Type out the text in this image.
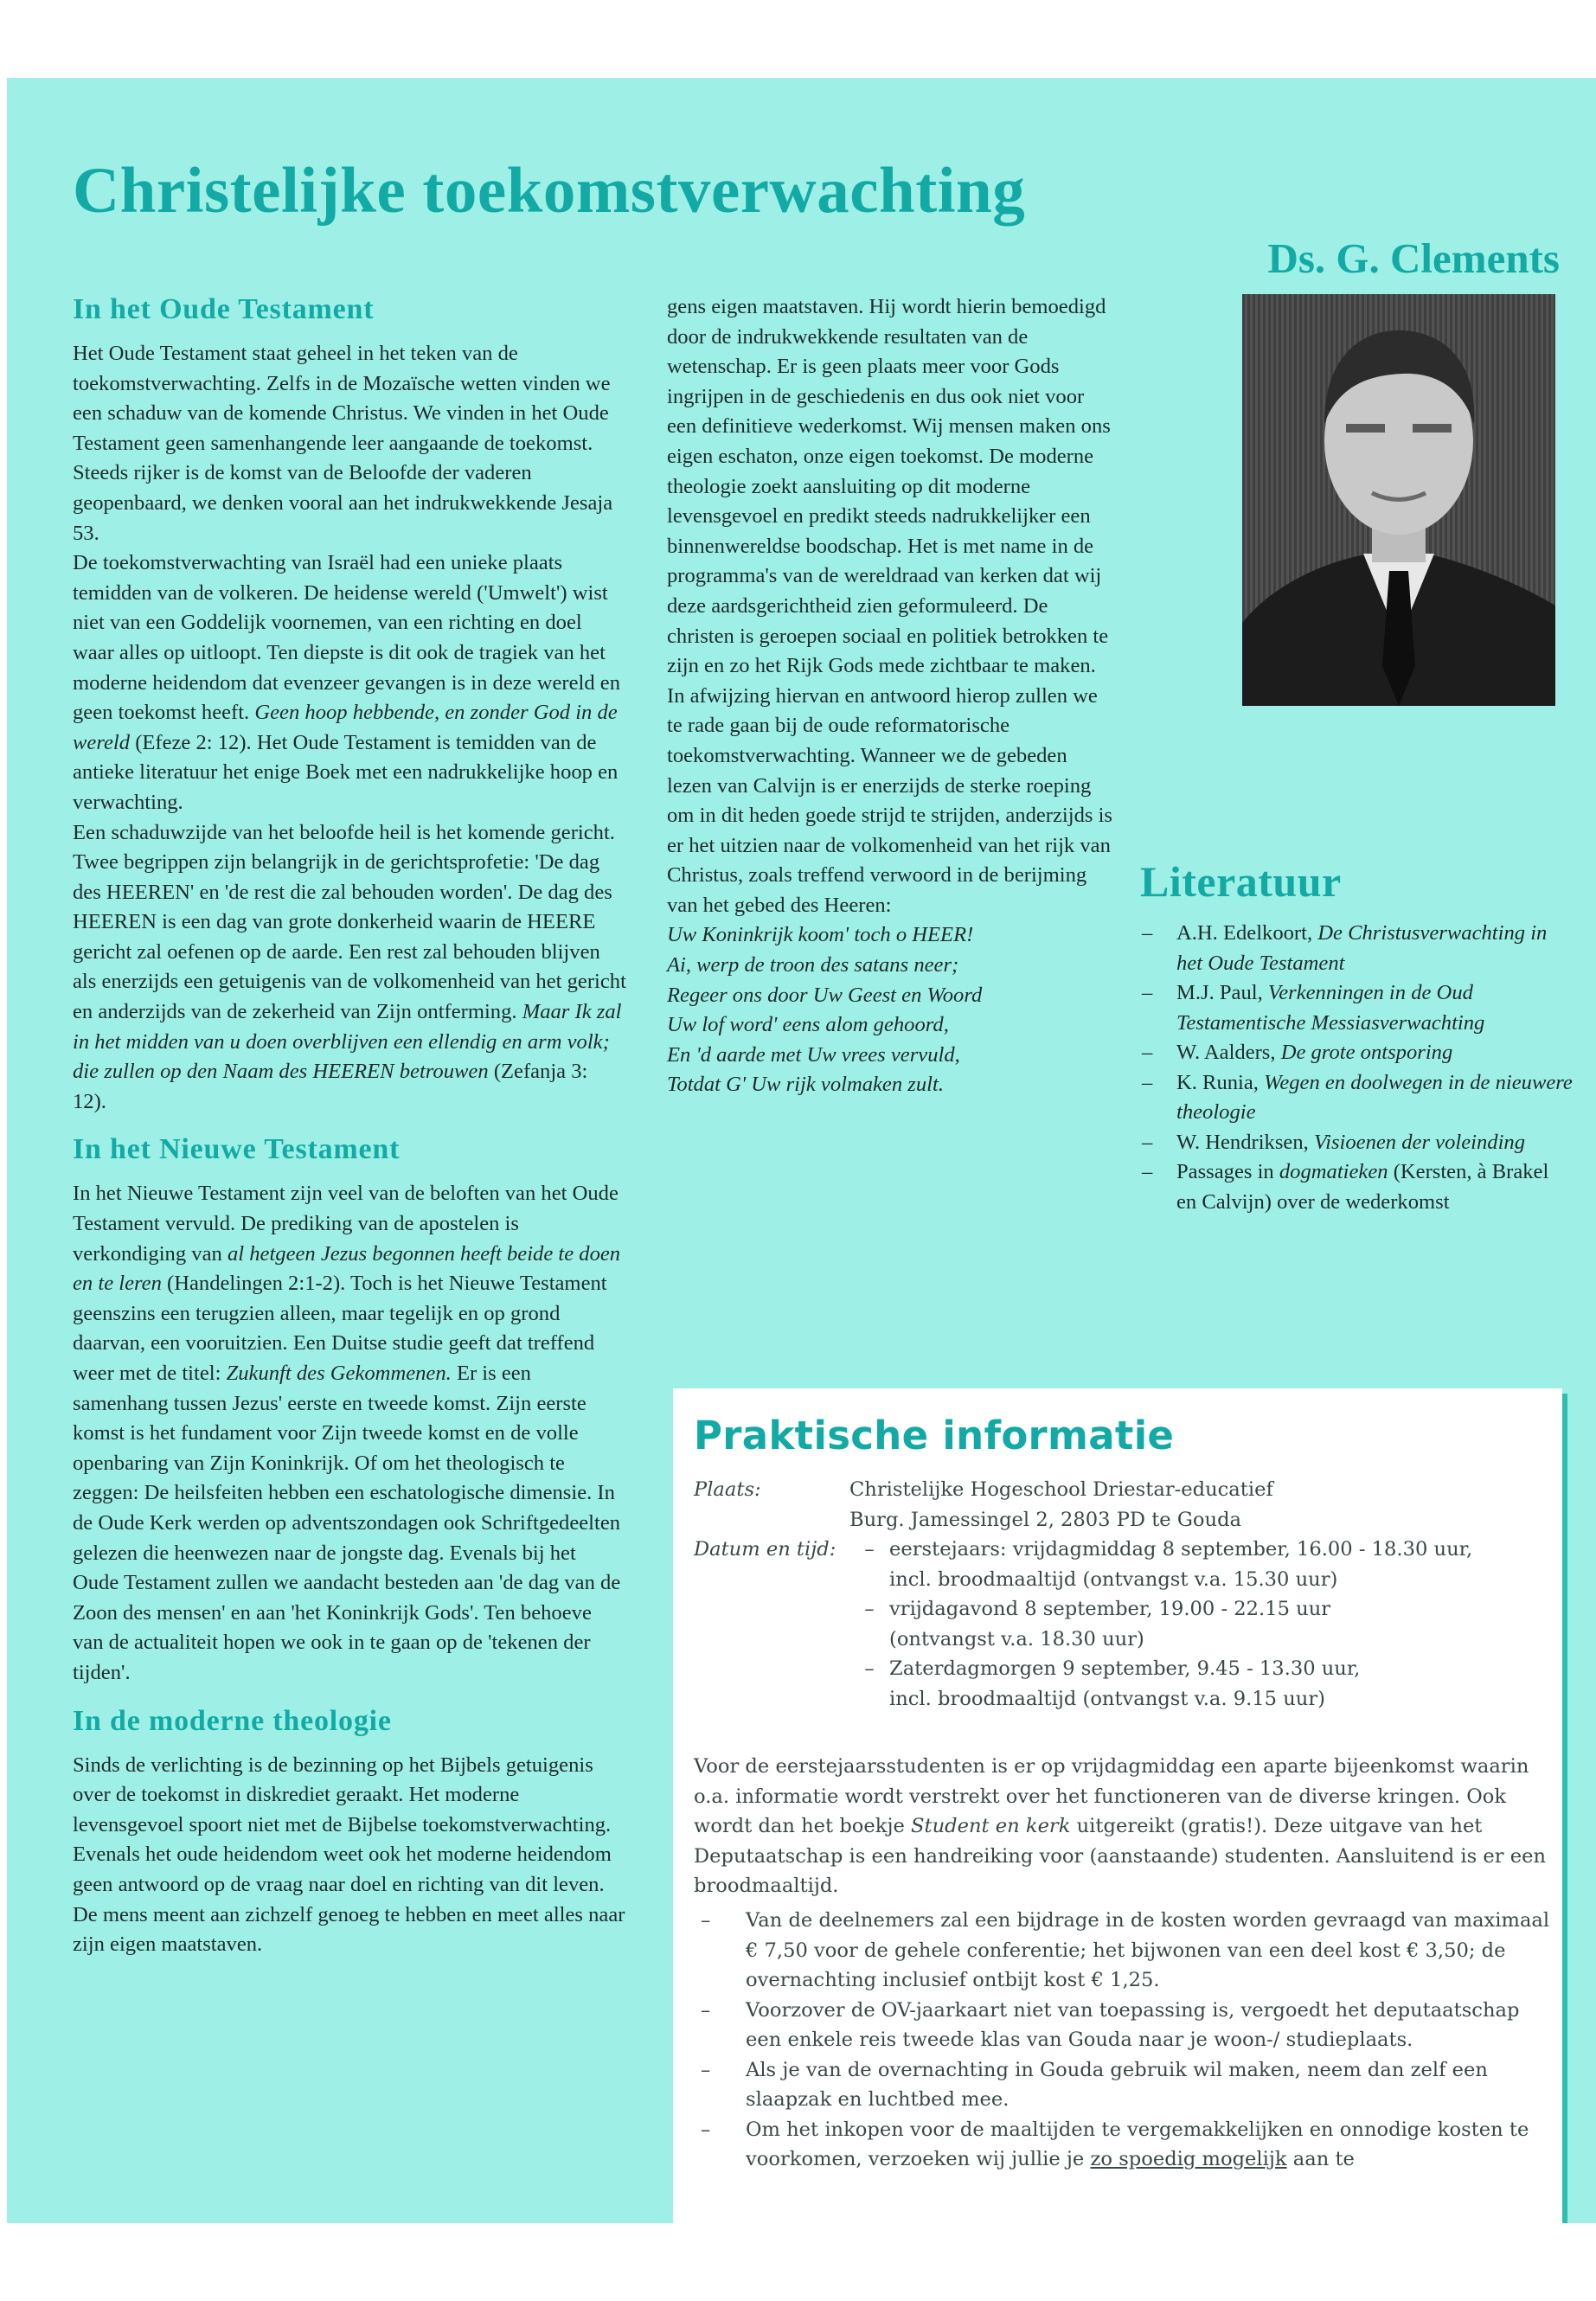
Christelijke toekomstverwachting
Ds. G. Clements
In het Oude Testament

Het Oude Testament staat geheel in het teken van de toekomstverwachting. Zelfs in de Mozaïsche wetten vinden we een schaduw van de komende Christus. We vinden in het Oude Testament geen samenhangende leer aangaande de toekomst. Steeds rijker is de komst van de Beloofde der vaderen geopenbaard, we denken vooral aan het indrukwekkende Jesaja 53.

De toekomstverwachting van Israël had een unieke plaats temidden van de volkeren. De heidense wereld ('Umwelt') wist niet van een Goddelijk voornemen, van een richting en doel waar alles op uitloopt. Ten diepste is dit ook de tragiek van het moderne heidendom dat evenzeer gevangen is in deze wereld en geen toekomst heeft. Geen hoop hebbende, en zonder God in de wereld (Efeze 2: 12). Het Oude Testament is temidden van de antieke literatuur het enige Boek met een nadrukkelijke hoop en verwachting.

Een schaduwzijde van het beloofde heil is het komende gericht. Twee begrippen zijn belangrijk in de gerichtsprofetie: 'De dag des HEEREN' en 'de rest die zal behouden worden'. De dag des HEEREN is een dag van grote donkerheid waarin de HEERE gericht zal oefenen op de aarde. Een rest zal behouden blijven als enerzijds een getuigenis van de volkomenheid van het gericht en anderzijds van de zekerheid van Zijn ontferming. Maar Ik zal in het midden van u doen overblijven een ellendig en arm volk; die zullen op den Naam des HEEREN betrouwen (Zefanja 3: 12).

In het Nieuwe Testament

In het Nieuwe Testament zijn veel van de beloften van het Oude Testament vervuld. De prediking van de apostelen is verkondiging van al hetgeen Jezus begonnen heeft beide te doen en te leren (Handelingen 2:1-2). Toch is het Nieuwe Testament geenszins een terugzien alleen, maar tegelijk en op grond daarvan, een vooruitzien. Een Duitse studie geeft dat treffend weer met de titel: Zukunft des Gekommenen. Er is een samenhang tussen Jezus' eerste en tweede komst. Zijn eerste komst is het fundament voor Zijn tweede komst en de volle openbaring van Zijn Koninkrijk. Of om het theologisch te zeggen: De heilsfeiten hebben een eschatologische dimensie. In de Oude Kerk werden op adventszondagen ook Schriftgedeelten gelezen die heenwezen naar de jongste dag. Evenals bij het Oude Testament zullen we aandacht besteden aan 'de dag van de Zoon des mensen' en aan 'het Koninkrijk Gods'. Ten behoeve van de actualiteit hopen we ook in te gaan op de 'tekenen der tijden'.

In de moderne theologie

Sinds de verlichting is de bezinning op het Bijbels getuigenis over de toekomst in diskrediet geraakt. Het moderne levensgevoel spoort niet met de Bijbelse toekomstverwachting. Evenals het oude heidendom weet ook het moderne heidendom geen antwoord op de vraag naar doel en richting van dit leven. De mens meent aan zichzelf genoeg te hebben en meet alles naar zijn eigen maatstaven.

gens eigen maatstaven. Hij wordt hierin bemoedigd door de indrukwekkende resultaten van de wetenschap. Er is geen plaats meer voor Gods ingrijpen in de geschiedenis en dus ook niet voor een definitieve wederkomst. Wij mensen maken ons eigen eschaton, onze eigen toekomst. De moderne theologie zoekt aansluiting op dit moderne levensgevoel en predikt steeds nadrukkelijker een binnenwereldse boodschap. Het is met name in de programma's van de wereldraad van kerken dat wij deze aardsgerichtheid zien geformuleerd. De christen is geroepen sociaal en politiek betrokken te zijn en zo het Rijk Gods mede zichtbaar te maken.

In afwijzing hiervan en antwoord hierop zullen we te rade gaan bij de oude reformatorische toekomstverwachting. Wanneer we de gebeden lezen van Calvijn is er enerzijds de sterke roeping om in dit heden goede strijd te strijden, anderzijds is er het uitzien naar de volkomenheid van het rijk van Christus, zoals treffend verwoord in de berijming van het gebed des Heeren:

Uw Koninkrijk koom' toch o HEER!
Ai, werp de troon des satans neer;
Regeer ons door Uw Geest en Woord
Uw lof word' eens alom gehoord,
En 'd aarde met Uw vrees vervuld,
Totdat G' Uw rijk volmaken zult.
Literatuur
– A.H. Edelkoort, De Christusverwachting in het Oude Testament
– M.J. Paul, Verkenningen in de Oud Testamentische Messiasverwachting
– W. Aalders, De grote ontsporing
– K. Runia, Wegen en doolwegen in de nieuwere theologie
– W. Hendriksen, Visioenen der voleinding
– Passages in dogmatieken (Kersten, à Brakel en Calvijn) over de wederkomst
Praktische informatie
Plaats:	Christelijke Hogeschool Driestar-educatief
Burg. Jamessingel 2, 2803 PD te Gouda
Datum en tijd:	– eerstejaars: vrijdagmiddag 8 september, 16.00 - 18.30 uur,
incl. broodmaaltijd (ontvangst v.a. 15.30 uur)
– vrijdagavond 8 september, 19.00 - 22.15 uur
(ontvangst v.a. 18.30 uur)
– Zaterdagmorgen 9 september, 9.45 - 13.30 uur,
incl. broodmaaltijd (ontvangst v.a. 9.15 uur)

Voor de eerstejaarsstudenten is er op vrijdagmiddag een aparte bijeenkomst waarin o.a. informatie wordt verstrekt over het functioneren van de diverse kringen. Ook wordt dan het boekje Student en kerk uitgereikt (gratis!). Deze uitgave van het Deputaatschap is een handreiking voor (aanstaande) studenten. Aansluitend is er een broodmaaltijd.

– Van de deelnemers zal een bijdrage in de kosten worden gevraagd van maximaal € 7,50 voor de gehele conferentie; het bijwonen van een deel kost € 3,50; de overnachting inclusief ontbijt kost € 1,25.
– Voorzover de OV-jaarkaart niet van toepassing is, vergoedt het deputaatschap een enkele reis tweede klas van Gouda naar je woon-/ studieplaats.
– Als je van de overnachting in Gouda gebruik wil maken, neem dan zelf een slaapzak en luchtbed mee.
– Om het inkopen voor de maaltijden te vergemakkelijken en onnodige kosten te voorkomen, verzoeken wij jullie je zo spoedig mogelijk aan te
